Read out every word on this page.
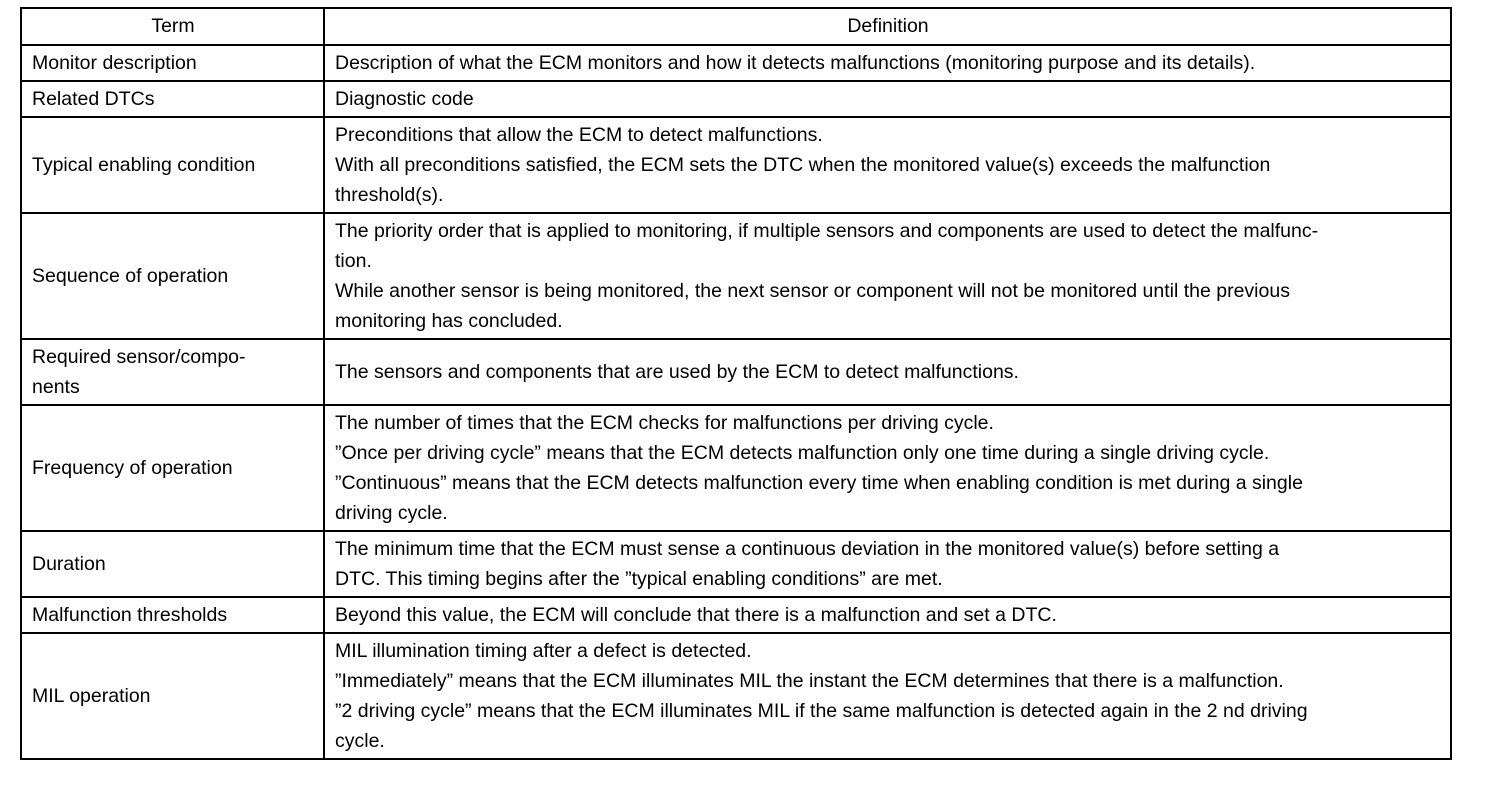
Term	Definition

Monitor description	Description of what the ECM monitors and how it detects malfunctions (monitoring purpose and its details).

Related DTCs	Diagnostic code

Typical enabling condition	Preconditions that allow the ECM to detect malfunctions.
With all preconditions satisfied, the ECM sets the DTC when the monitored value(s) exceeds the malfunction
threshold(s).

Sequence of operation	The priority order that is applied to monitoring, if multiple sensors and components are used to detect the malfunc-
tion.
While another sensor is being monitored, the next sensor or component will not be monitored until the previous
monitoring has concluded.

Required sensor/compo-
nents	The sensors and components that are used by the ECM to detect malfunctions.

Frequency of operation	The number of times that the ECM checks for malfunctions per driving cycle.
”Once per driving cycle” means that the ECM detects malfunction only one time during a single driving cycle.
”Continuous” means that the ECM detects malfunction every time when enabling condition is met during a single
driving cycle.

Duration	The minimum time that the ECM must sense a continuous deviation in the monitored value(s) before setting a
DTC. This timing begins after the ”typical enabling conditions” are met.

Malfunction thresholds	Beyond this value, the ECM will conclude that there is a malfunction and set a DTC.

MIL operation	MIL illumination timing after a defect is detected.
”Immediately” means that the ECM illuminates MIL the instant the ECM determines that there is a malfunction.
”2 driving cycle” means that the ECM illuminates MIL if the same malfunction is detected again in the 2 nd driving
cycle.
